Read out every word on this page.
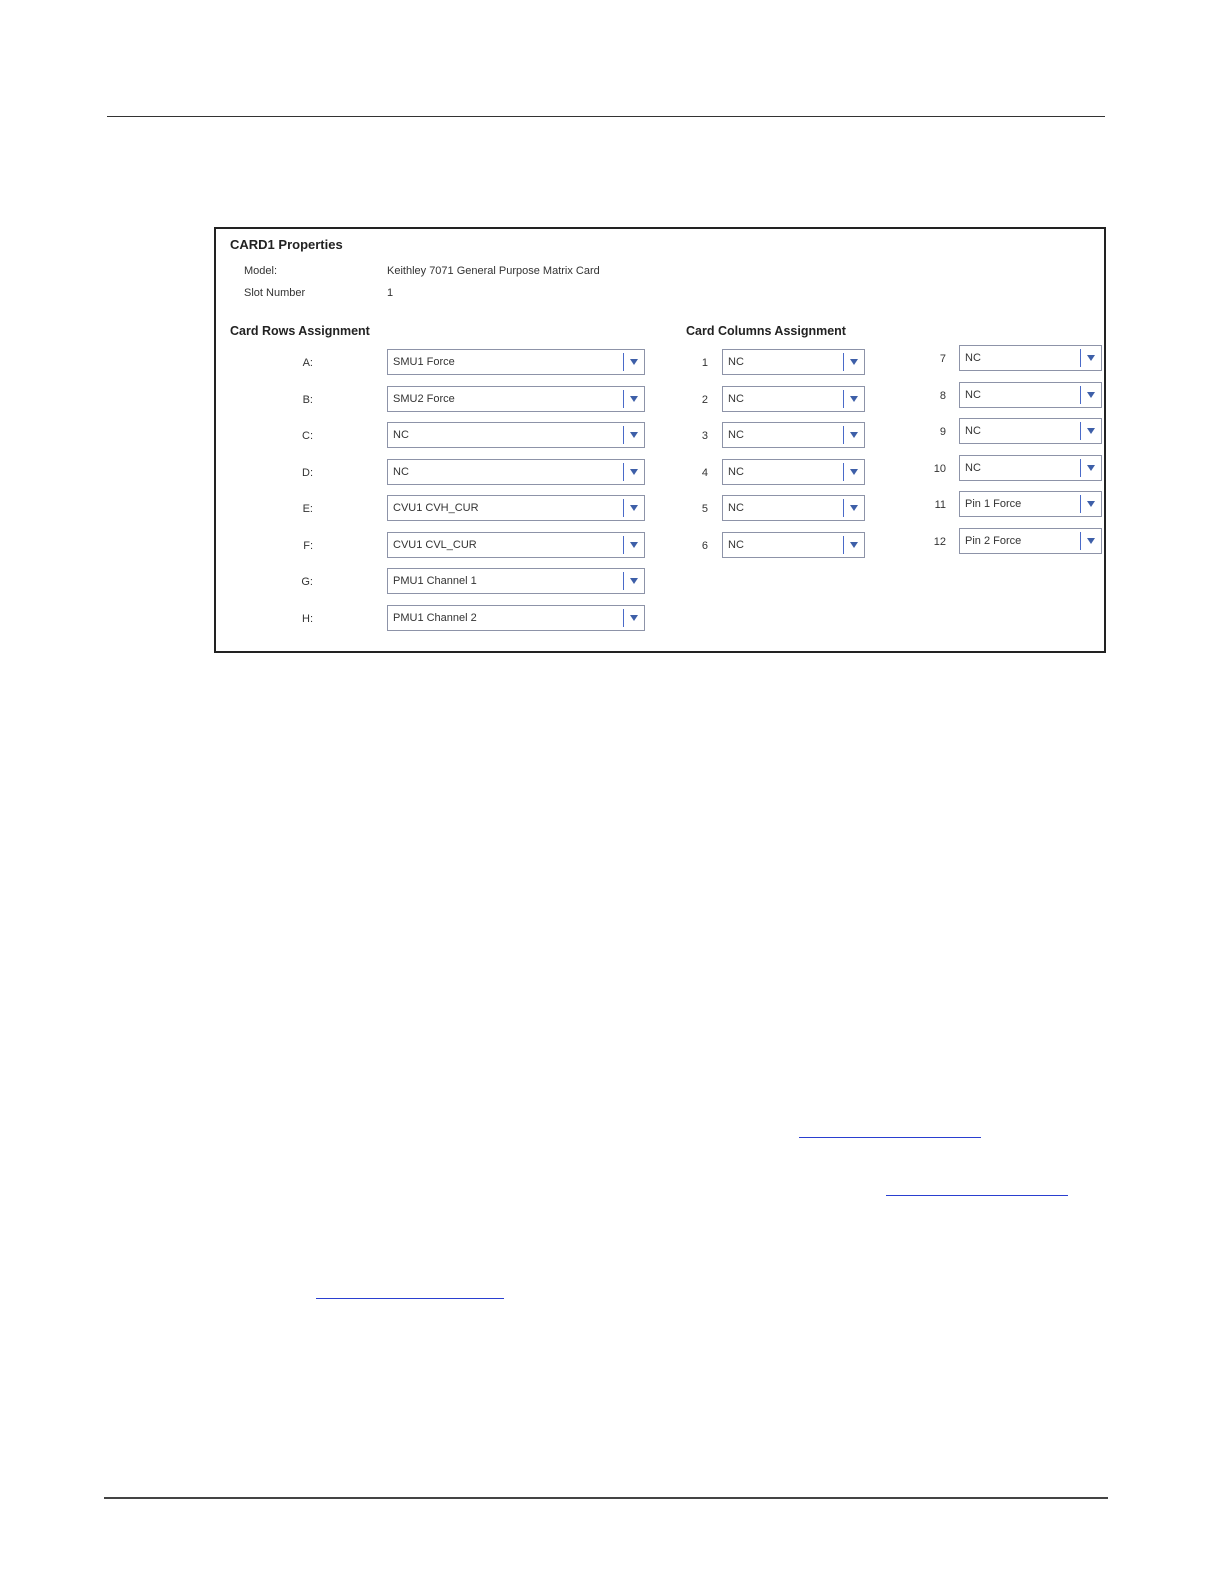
CARD1 Properties
Model:	Keithley 7071 General Purpose Matrix Card
Slot Number	1
Card Rows Assignment	Card Columns Assignment
A:	SMU1 Force
B:	SMU2 Force
C:	NC
D:	NC
E:	CVU1 CVH_CUR
F:	CVU1 CVL_CUR
G:	PMU1 Channel 1
H:	PMU1 Channel 2
1	NC
2	NC
3	NC
4	NC
5	NC
6	NC
7	NC
8	NC
9	NC
10	NC
11	Pin 1 Force
12	Pin 2 Force
